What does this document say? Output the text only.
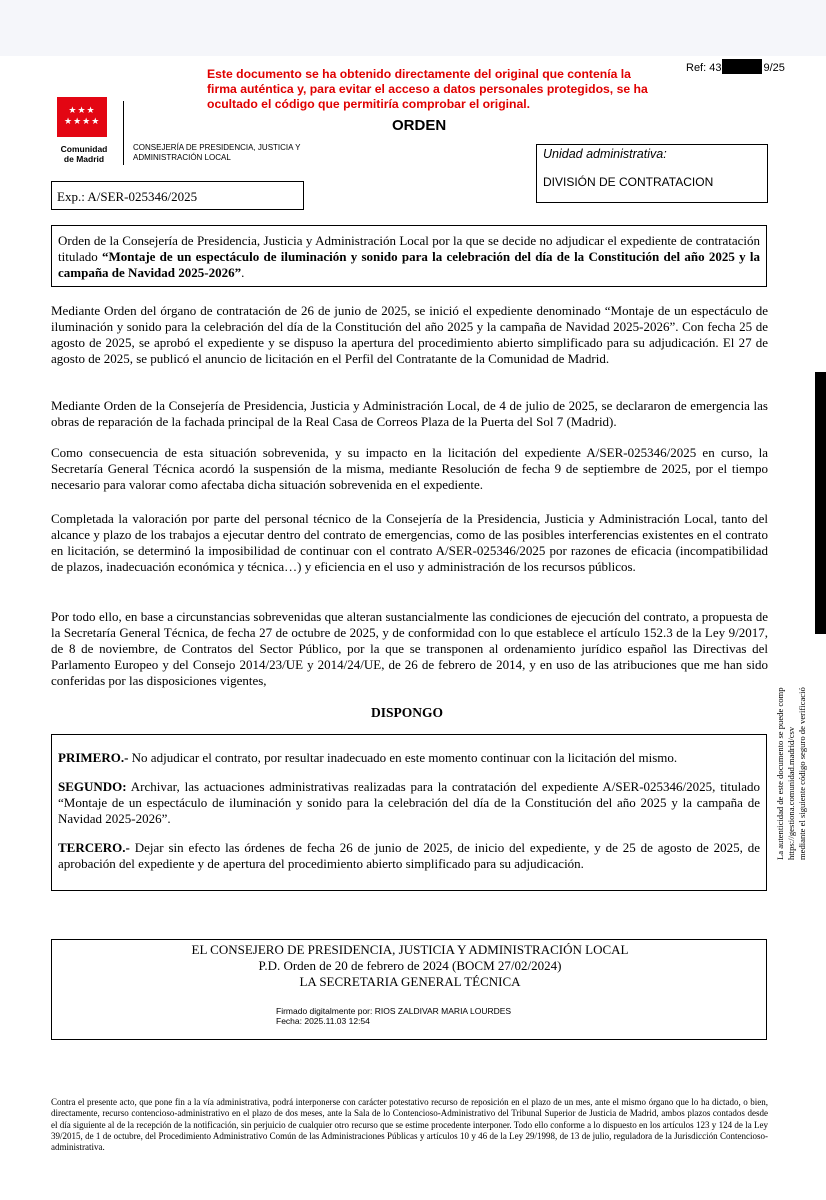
Ref: 43	9/25
Este documento se ha obtenido directamente del original que contenía la firma auténtica y, para evitar el acceso a datos personales protegidos, se ha ocultado el código que permitiría comprobar el original.
★★★
★★★★
Comunidad
de Madrid
CONSEJERÍA DE PRESIDENCIA, JUSTICIA Y ADMINISTRACIÓN LOCAL
ORDEN
Unidad administrativa:
DIVISIÓN DE CONTRATACION
Exp.: A/SER-025346/2025
Orden de la Consejería de Presidencia, Justicia y Administración Local por la que se decide no adjudicar el expediente de contratación titulado “Montaje de un espectáculo de iluminación y sonido para la celebración del día de la Constitución del año 2025 y la campaña de Navidad 2025-2026”.
Mediante Orden del órgano de contratación de 26 de junio de 2025, se inició el expediente denominado “Montaje de un espectáculo de iluminación y sonido para la celebración del día de la Constitución del año 2025 y la campaña de Navidad 2025-2026”. Con fecha 25 de agosto de 2025, se aprobó el expediente y se dispuso la apertura del procedimiento abierto simplificado para su adjudicación. El 27 de agosto de 2025, se publicó el anuncio de licitación en el Perfil del Contratante de la Comunidad de Madrid.
Mediante Orden de la Consejería de Presidencia, Justicia y Administración Local, de 4 de julio de 2025, se declararon de emergencia las obras de reparación de la fachada principal de la Real Casa de Correos Plaza de la Puerta del Sol 7 (Madrid).
Como consecuencia de esta situación sobrevenida, y su impacto en la licitación del expediente A/SER-025346/2025 en curso, la Secretaría General Técnica acordó la suspensión de la misma, mediante Resolución de fecha 9 de septiembre de 2025, por el tiempo necesario para valorar como afectaba dicha situación sobrevenida en el expediente.
Completada la valoración por parte del personal técnico de la Consejería de la Presidencia, Justicia y Administración Local, tanto del alcance y plazo de los trabajos a ejecutar dentro del contrato de emergencias, como de las posibles interferencias existentes en el contrato en licitación, se determinó la imposibilidad de continuar con el contrato A/SER-025346/2025 por razones de eficacia (incompatibilidad de plazos, inadecuación económica y técnica…) y eficiencia en el uso y administración de los recursos públicos.
Por todo ello, en base a circunstancias sobrevenidas que alteran sustancialmente las condiciones de ejecución del contrato, a propuesta de la Secretaría General Técnica, de fecha 27 de octubre de 2025, y de conformidad con lo que establece el artículo 152.3 de la Ley 9/2017, de 8 de noviembre, de Contratos del Sector Público, por la que se transponen al ordenamiento jurídico español las Directivas del Parlamento Europeo y del Consejo 2014/23/UE y 2014/24/UE, de 26 de febrero de 2014, y en uso de las atribuciones que me han sido conferidas por las disposiciones vigentes,
DISPONGO

PRIMERO.- No adjudicar el contrato, por resultar inadecuado en este momento continuar con la licitación del mismo.

SEGUNDO: Archivar, las actuaciones administrativas realizadas para la contratación del expediente A/SER-025346/2025, titulado “Montaje de un espectáculo de iluminación y sonido para la celebración del día de la Constitución del año 2025 y la campaña de Navidad 2025-2026”.

TERCERO.- Dejar sin efecto las órdenes de fecha 26 de junio de 2025, de inicio del expediente, y de 25 de agosto de 2025, de aprobación del expediente y de apertura del procedimiento abierto simplificado para su adjudicación.

EL CONSEJERO DE PRESIDENCIA, JUSTICIA Y ADMINISTRACIÓN LOCAL
P.D. Orden de 20 de febrero de 2024 (BOCM 27/02/2024)
LA SECRETARIA GENERAL TÉCNICA
Firmado digitalmente por: RIOS ZALDIVAR MARIA LOURDES
Fecha: 2025.11.03 12:54
Contra el presente acto, que pone fin a la vía administrativa, podrá interponerse con carácter potestativo recurso de reposición en el plazo de un mes, ante el mismo órgano que lo ha dictado, o bien, directamente, recurso contencioso-administrativo en el plazo de dos meses, ante la Sala de lo Contencioso-Administrativo del Tribunal Superior de Justicia de Madrid, ambos plazos contados desde el día siguiente al de la recepción de la notificación, sin perjuicio de cualquier otro recurso que se estime procedente interponer. Todo ello conforme a lo dispuesto en los artículos 123 y 124 de la Ley 39/2015, de 1 de octubre, del Procedimiento Administrativo Común de las Administraciones Públicas y artículos 10 y 46 de la Ley 29/1998, de 13 de julio, reguladora de la Jurisdicción Contencioso-administrativa.
La autenticidad de este documento se puede comp https://gestiona.comunidad.madrid/csv mediante el siguiente código seguro de verificació
